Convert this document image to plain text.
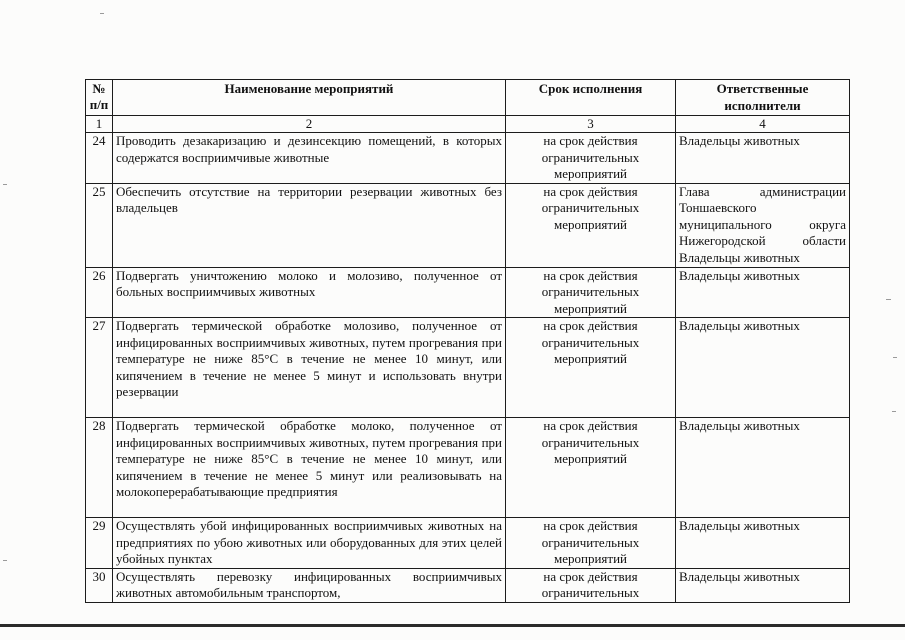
№ п/п	Наименование мероприятий	Срок исполнения	Ответственные исполнители
1	2	3	4
24	Проводить дезакаризацию и дезинсекцию помещений, в которых содержатся восприимчивые животные	на срок действия ограничительных мероприятий	Владельцы животных

25	Обеспечить отсутствие на территории резервации животных без владельцев	на срок действия ограничительных мероприятий	Глава администрации Тоншаевского муниципального округа Нижегородской области
Владельцы животных

26	Подвергать уничтожению молоко и молозиво, полученное от больных восприимчивых животных	на срок действия ограничительных мероприятий	Владельцы животных

27	Подвергать термической обработке молозиво, полученное от инфицированных восприимчивых животных, путем прогревания при температуре не ниже 85°С в течение не менее 10 минут, или кипячением в течение не менее 5 минут и использовать внутри резервации	на срок действия ограничительных мероприятий	Владельцы животных

28	Подвергать термической обработке молоко, полученное от инфицированных восприимчивых животных, путем прогревания при температуре не ниже 85°С в течение не менее 10 минут, или кипячением в течение не менее 5 минут или реализовывать на молокоперерабатывающие предприятия	на срок действия ограничительных мероприятий	Владельцы животных

29	Осуществлять убой инфицированных восприимчивых животных на предприятиях по убою животных или оборудованных для этих целей убойных пунктах	на срок действия ограничительных мероприятий	Владельцы животных

30	Осуществлять перевозку инфицированных восприимчивых животных автомобильным транспортом,	на срок действия ограничительных	Владельцы животных
